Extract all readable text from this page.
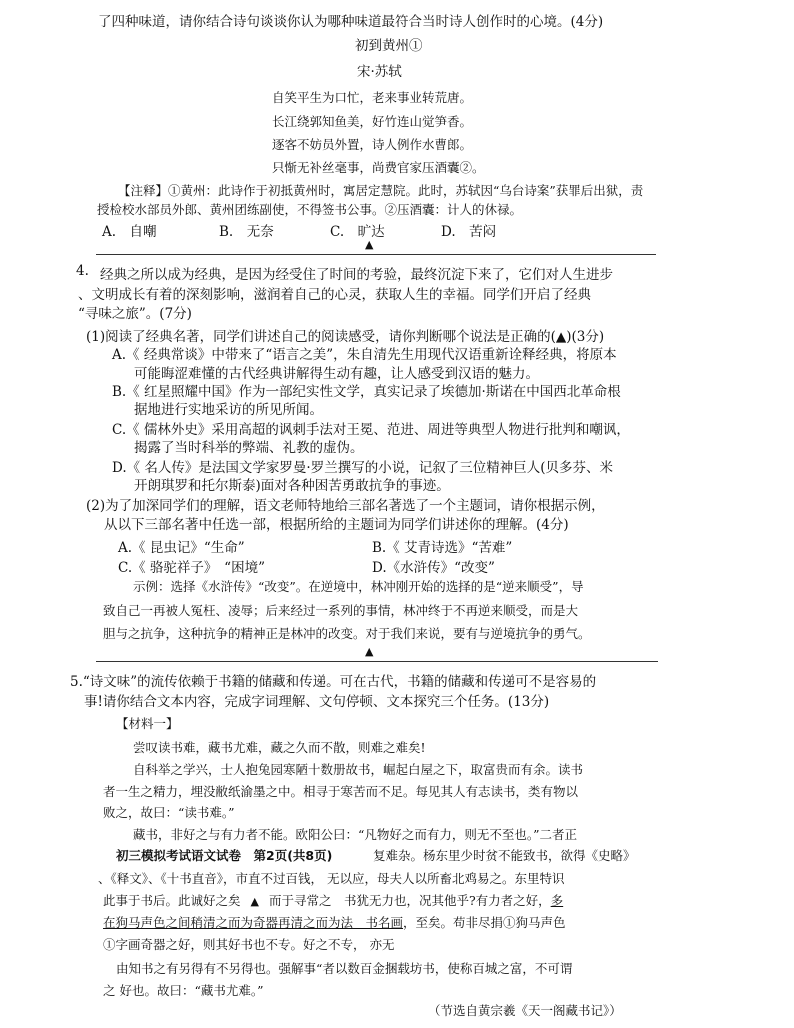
了四种味道，请你结合诗句谈谈你认为哪种味道最符合当时诗人创作时的心境。(4分)
初到黄州①
宋·苏轼
自笑平生为口忙，老来事业转荒唐。
长江绕郭知鱼美，好竹连山觉笋香。
逐客不妨员外置，诗人例作水曹郎。
只惭无补丝毫事，尚费官家压酒囊②。
【注释】①黄州：此诗作于初抵黄州时，寓居定慧院。此时，苏轼因“乌台诗案”获罪后出狱，责
授检校水部员外郎、黄州团练副使，不得签书公事。②压酒囊：计人的休禄。
A.　自嘲	B.　无奈	C.　旷达	D.　苦闷
▲
4. 经典之所以成为经典，是因为经受住了时间的考验，最终沉淀下来了，它们对人生进步
、文明成长有着的深刻影响，滋润着自己的心灵，获取人生的幸福。同学们开启了经典
“寻味之旅”。(7分)
(1)阅读了经典名著，同学们讲述自己的阅读感受，请你判断哪个说法是正确的(▲)(3分)
A.《 经典常谈》中带来了“语言之美”，朱自清先生用现代汉语重新诠释经典，将原本
可能晦涩难懂的古代经典讲解得生动有趣，让人感受到汉语的魅力。
B.《 红星照耀中国》作为一部纪实性文学，真实记录了埃德加·斯诺在中国西北革命根
据地进行实地采访的所见所闻。
C.《 儒林外史》采用高超的讽刺手法对王冕、范进、周进等典型人物进行批判和嘲讽，
揭露了当时科举的弊端、礼教的虚伪。
D.《 名人传》是法国文学家罗曼·罗兰撰写的小说，记叙了三位精神巨人(贝多芬、米
开朗琪罗和托尔斯泰)面对各种困苦勇敢抗争的事迹。
(2)为了加深同学们的理解，语文老师特地给三部名著选了一个主题词，请你根据示例，
从以下三部名著中任选一部，根据所给的主题词为同学们讲述你的理解。(4分)
A.《 昆虫记》“生命”	B.《 艾青诗选》“苦难”
C.《 骆驼祥子》　“困境”	D.《水浒传》“改变”
示例：选择《水浒传》“改变”。在逆境中，林冲刚开始的选择的是“逆来顺受”，导
致自己一再被人冤枉、凌辱；后来经过一系列的事情，林冲终于不再逆来顺受，而是大
胆与之抗争，这种抗争的精神正是林冲的改变。对于我们来说，要有与逆境抗争的勇气。
▲
5.“诗文味”的流传依赖于书籍的储藏和传递。可在古代，书籍的储藏和传递可不是容易的
事!请你结合文本内容，完成字词理解、文句停顿、文本探究三个任务。(13分)
【材料一】
尝叹读书难，藏书尤难，藏之久而不散，则难之难矣!
自科举之学兴，士人抱兔园寒陋十数册故书，崛起白屋之下，取富贵而有余。读书
者一生之精力，埋没敝纸渝墨之中。相寻于寒苦而不足。每见其人有志读书，类有物以
败之，故曰：“读书难。”
藏书，非好之与有力者不能。欧阳公曰：“凡物好之而有力，则无不至也。”二者正
初三模拟考试语文试卷　第2页(共8页)	复难杂。杨东里少时贫不能致书，欲得《史略》
、《释文》、《十书直音》，市直不过百钱， 无以应，母夫人以所畜北鸡易之。东里特识
此事于书后。此诚好之矣 ▲ 而于寻常之　书犹无力也，况其他乎?有力者之好，多
在狗马声色之间稍清之而为奇器再清之而为法　书名画，至矣。苟非尽捐①狗马声色
①字画奇器之好，则其好书也不专。好之不专， 亦无
由知书之有另得有不另得也。强解事“者以数百金捆载坊书，使称百城之富，不可谓
之 好也。故曰：“藏书尤难。”
（节选自黄宗羲《天一阁藏书记》）
